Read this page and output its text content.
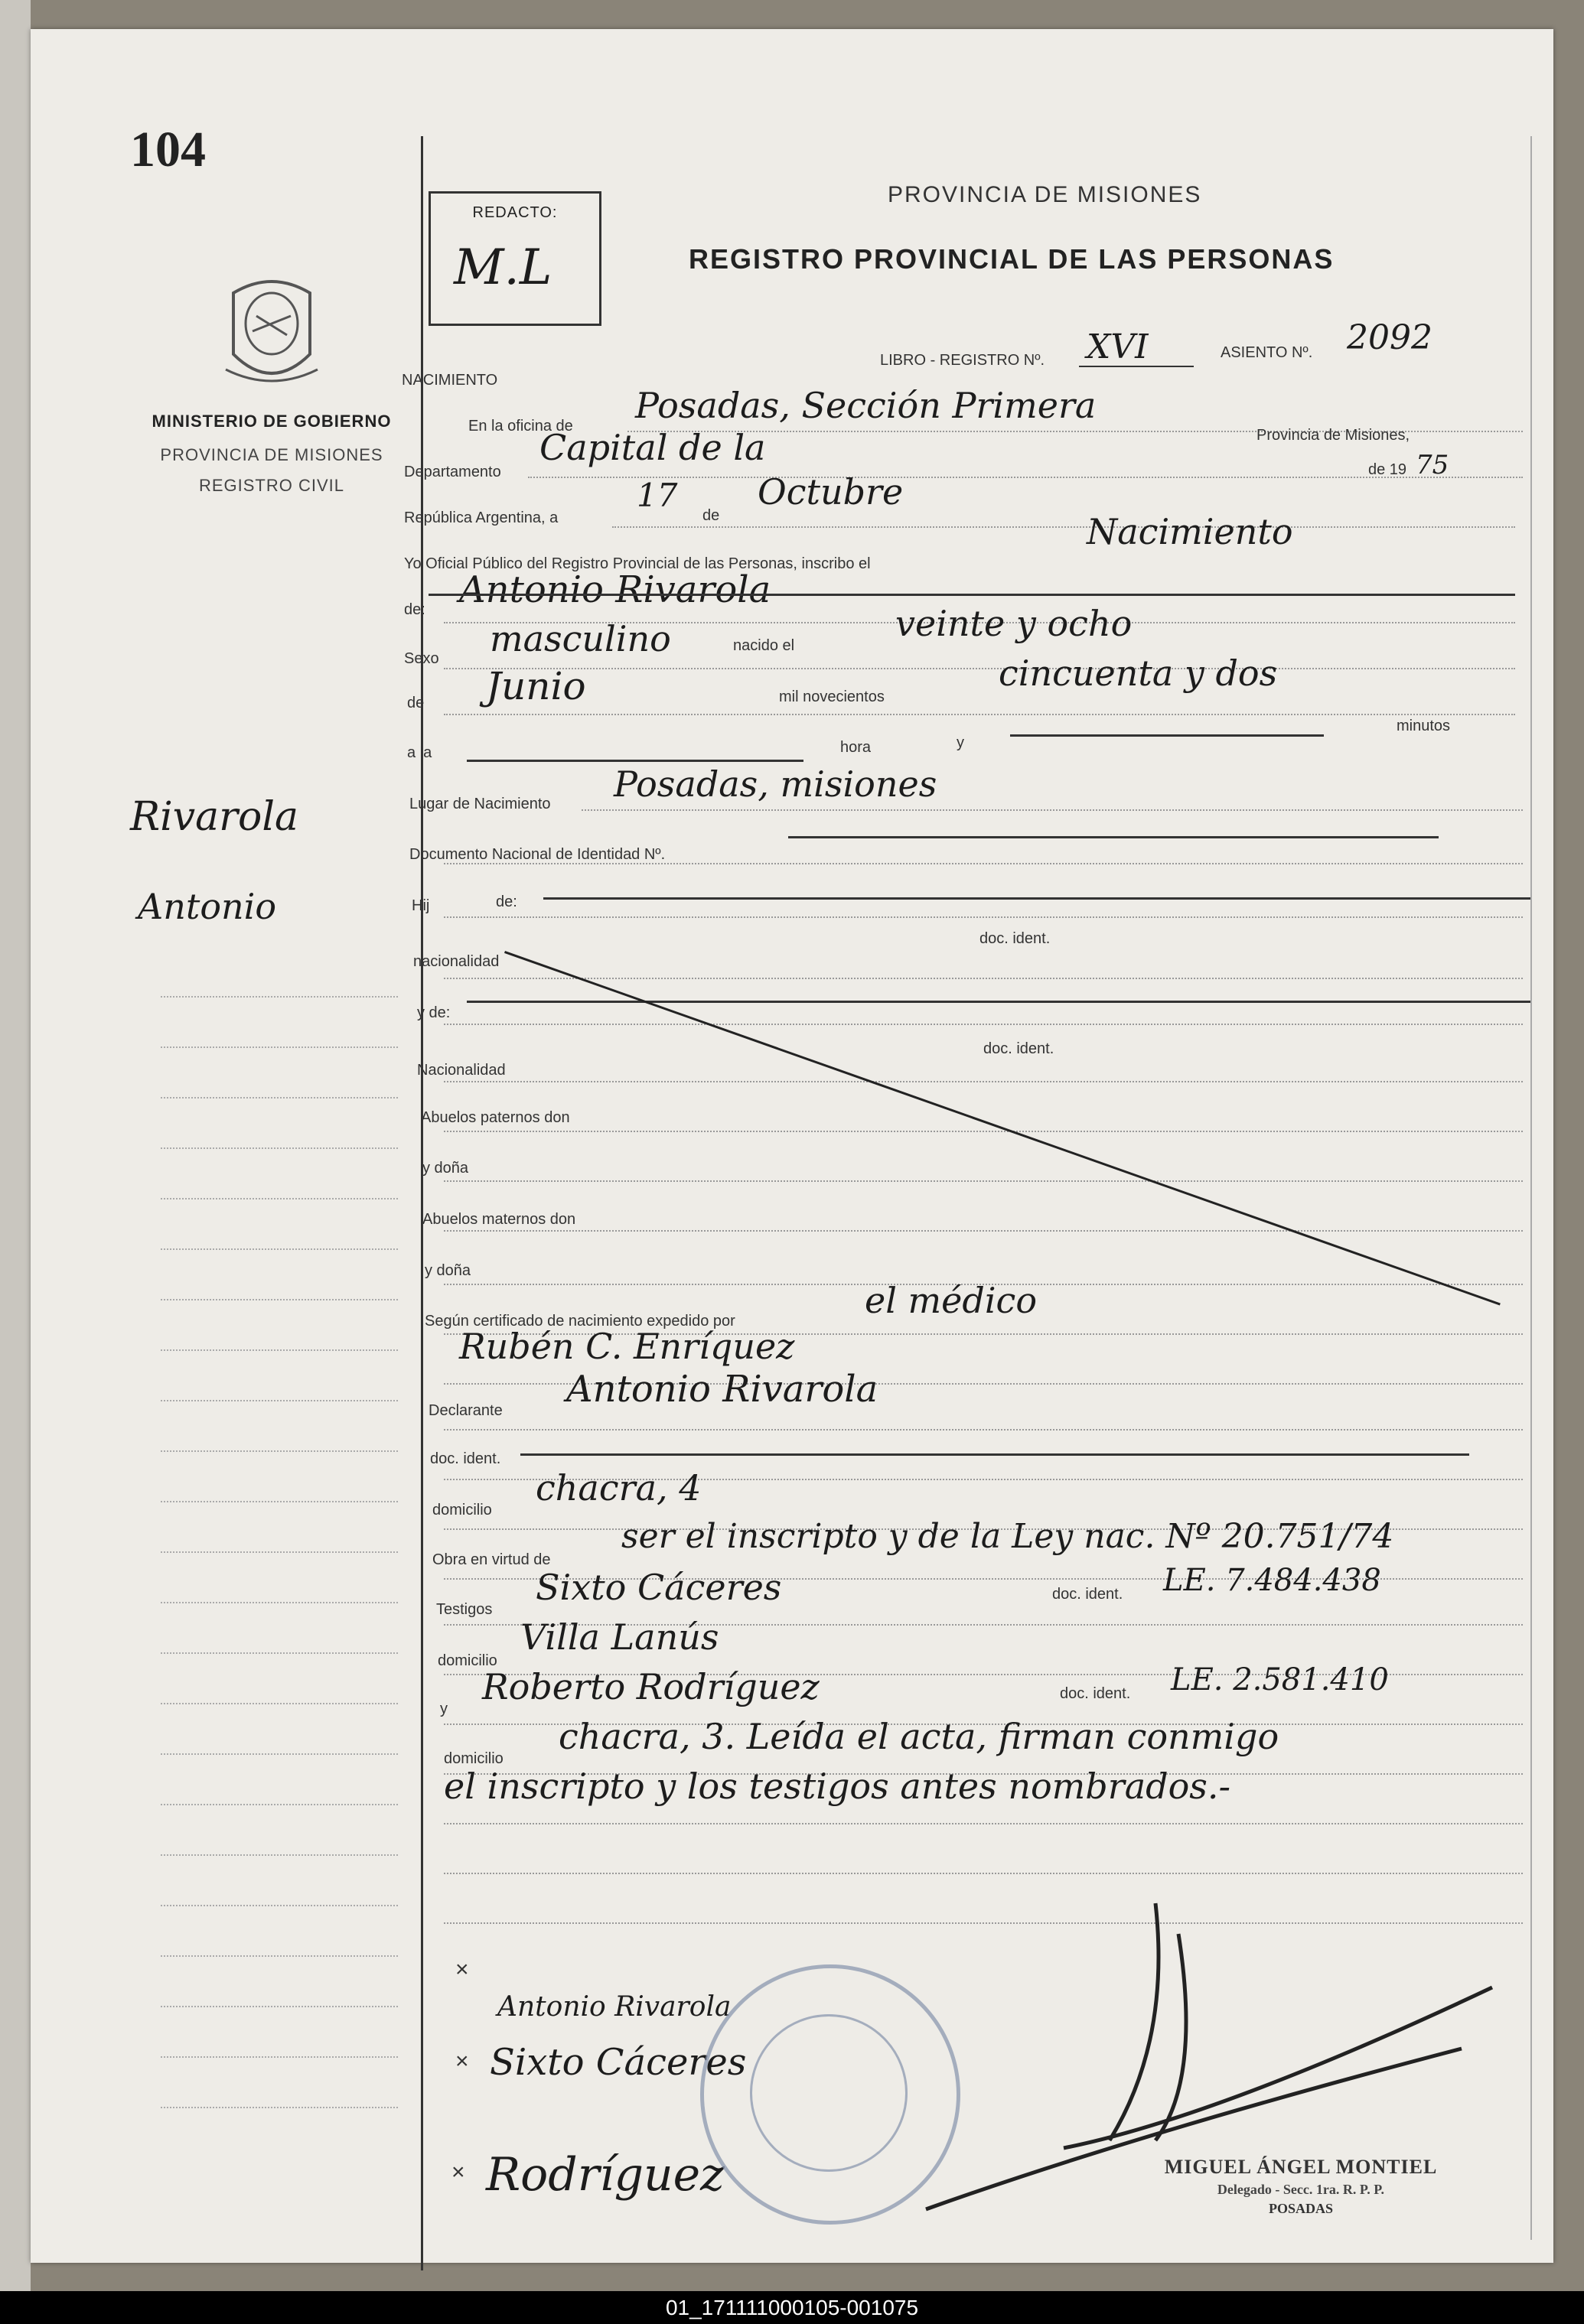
104
MINISTERIO DE GOBIERNO
PROVINCIA DE MISIONES
REGISTRO CIVIL
Rivarola
Antonio
REDACTO:
M.L
PROVINCIA DE MISIONES
REGISTRO PROVINCIAL DE LAS PERSONAS
LIBRO - REGISTRO Nº. XVI	ASIENTO Nº. 2092
NACIMIENTO
En la oficina de Posadas, Sección Primera
Provincia de Misiones,
Departamento
Capital de la
República Argentina, a
17
de
Octubre
de 19 75
Yo Oficial Público del Registro Provincial de las Personas, inscribo el
Nacimiento
de: Antonio Rivarola
Sexo masculino	nacido el
veinte y ocho
de Junio	mil novecientos
cincuenta y dos
a la	hora	y
minutos
Lugar de Nacimiento Posadas, misiones
Documento Nacional de Identidad Nº.
Hij	de:
doc. ident.
nacionalidad
y de:
doc. ident.
Nacionalidad
Abuelos paternos don
y doña
Abuelos maternos don
y doña
Según certificado de nacimiento expedido por	el médico
Rubén C. Enríquez
Declarante Antonio Rivarola
doc. ident.
domicilio
chacra, 4
Obra en virtud de
ser el inscripto y de la Ley nac. Nº 20.751/74
Testigos
Sixto Cáceres	doc. ident. LE. 7.484.438
domicilio
Villa Lanús
y
Roberto Rodríguez	doc. ident. LE. 2.581.410
domicilio
chacra, 3. Leída el acta, firman conmigo
el inscripto y los testigos antes nombrados.-
×
Antonio Rivarola
× Sixto Cáceres
× Rodríguez	MIGUEL ÁNGEL MONTIEL
Delegado - Secc. 1ra. R. P. P.
POSADAS
01_171111000105-001075
